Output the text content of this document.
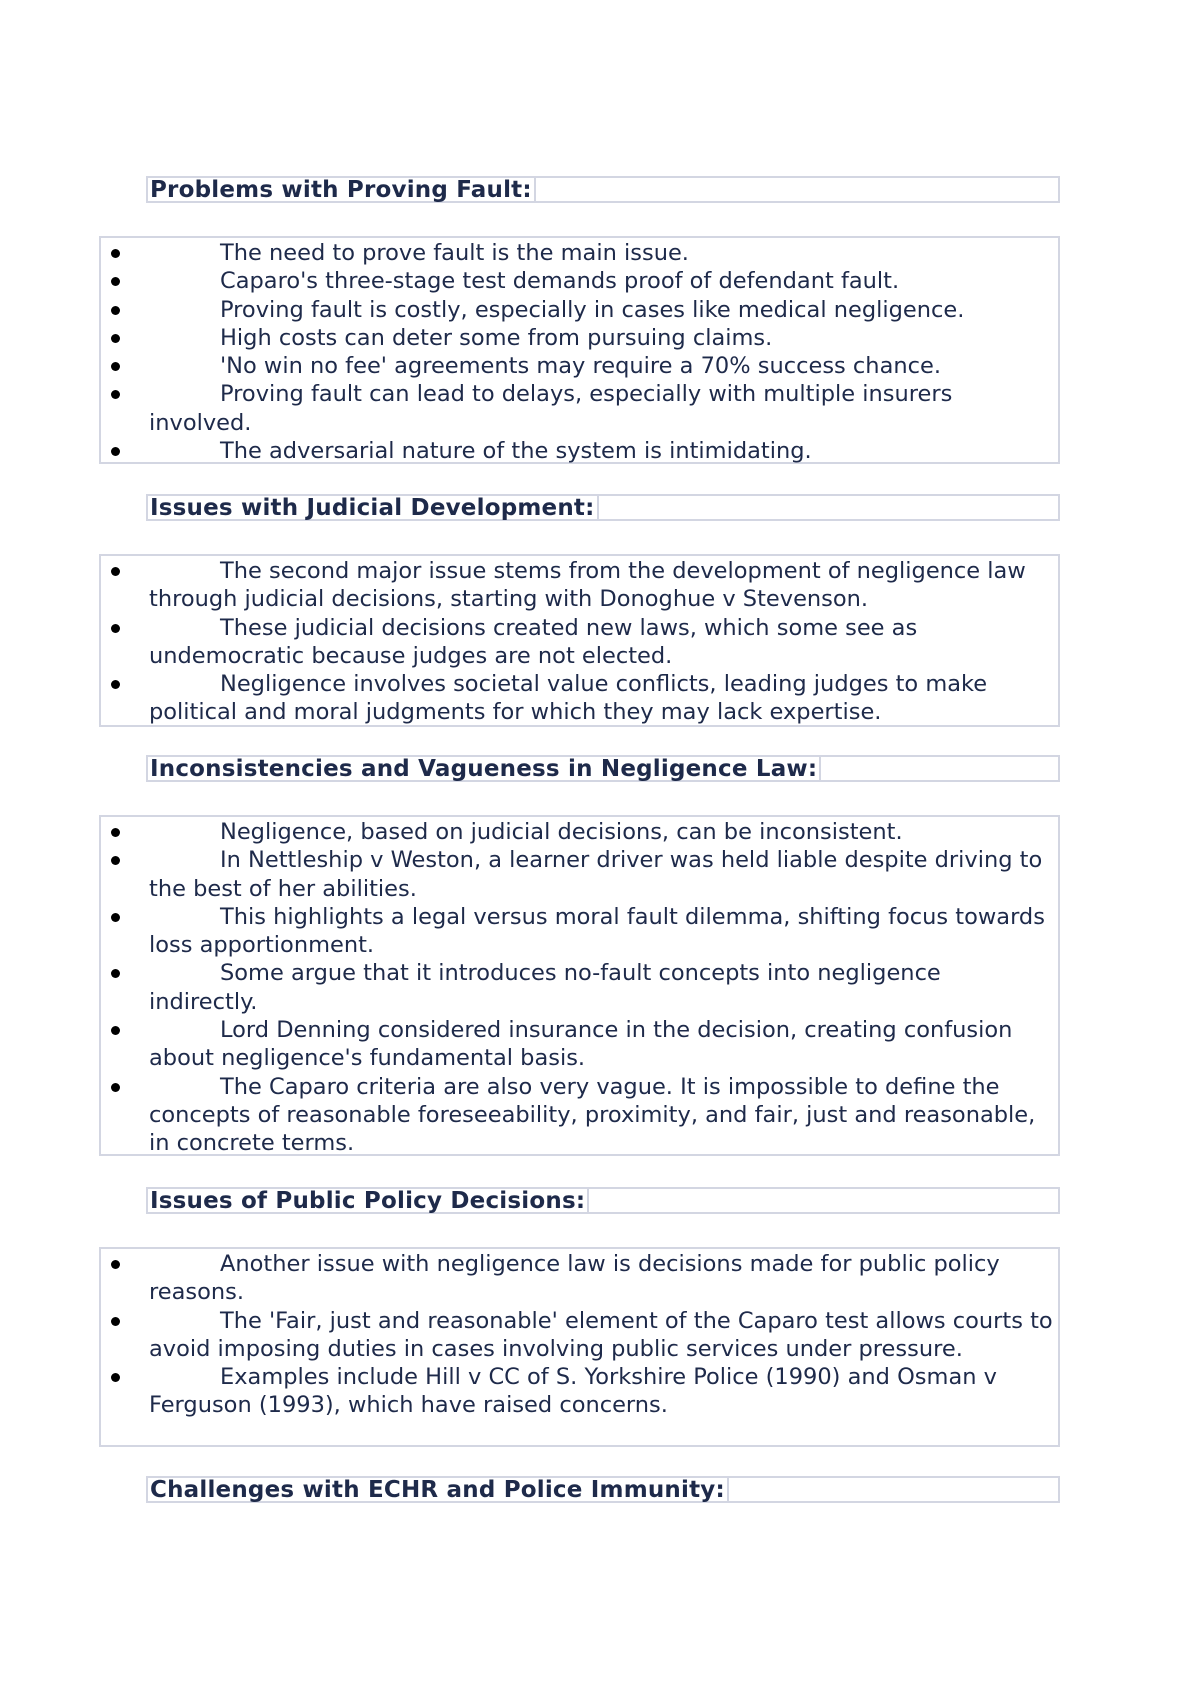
Problems with Proving Fault:
The need to prove fault is the main issue.
Caparo's three-stage test demands proof of defendant fault.
Proving fault is costly, especially in cases like medical negligence.
High costs can deter some from pursuing claims.
'No win no fee' agreements may require a 70% success chance.
Proving fault can lead to delays, especially with multiple insurers involved.
The adversarial nature of the system is intimidating.
Issues with Judicial Development:
The second major issue stems from the development of negligence law through judicial decisions, starting with Donoghue v Stevenson.
These judicial decisions created new laws, which some see as undemocratic because judges are not elected.
Negligence involves societal value conflicts, leading judges to make political and moral judgments for which they may lack expertise.
Inconsistencies and Vagueness in Negligence Law:
Negligence, based on judicial decisions, can be inconsistent.
In Nettleship v Weston, a learner driver was held liable despite driving to the best of her abilities.
This highlights a legal versus moral fault dilemma, shifting focus towards loss apportionment.
Some argue that it introduces no-fault concepts into negligence indirectly.
Lord Denning considered insurance in the decision, creating confusion about negligence's fundamental basis.
The Caparo criteria are also very vague. It is impossible to define the concepts of reasonable foreseeability, proximity, and fair, just and reasonable, in concrete terms.
Issues of Public Policy Decisions:
Another issue with negligence law is decisions made for public policy reasons.
The 'Fair, just and reasonable' element of the Caparo test allows courts to avoid imposing duties in cases involving public services under pressure.
Examples include Hill v CC of S. Yorkshire Police (1990) and Osman v Ferguson (1993), which have raised concerns.
Challenges with ECHR and Police Immunity:
